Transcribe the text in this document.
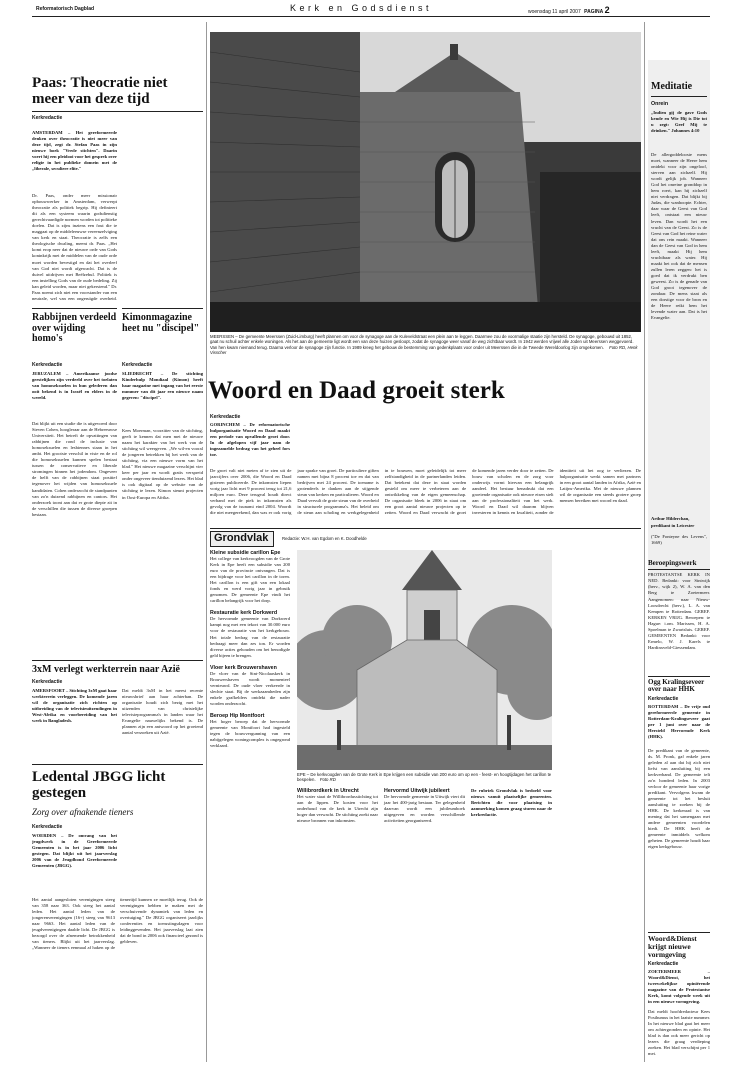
Reformatorisch Dagblad	Kerk en Godsdienst	woensdag 11 april 2007 PAGINA 2
Paas: Theocratie niet meer van deze tijd
Kerkredactie
AMSTERDAM – Het gereformeerde denken over theocratie is niet meer van deze tijd, zegt dr. Stefan Paas in zijn nieuwe boek "Vrede stichten". Daarin voert hij een pleidooi voor het gesprek over religie in het publieke domein met de „liberale, seculiere elite."
Dr. Paas, onder meer missionair opbouwwerker in Amsterdam, verwerpt theocratie als politiek begrip. Hij definieert dit als een systeem waarin godsdienstig gerechtvaardigde normen worden tot politieke doelen. Dat is zijns inziens een fout die te maggaat op de middeleeuwse vereenzelviging van kerk en staat. Theocratie is zelfs een theologische dwaling, meent dr. Paas. „Het komt erop neer dat de nieuwe orde van Gods koninkrijk met de middelen van de oude orde moet worden bevestigd en dat het overleef van God niet wordt afgewacht. Dat is de duivel uitdrijven met Beëlzebul. Politiek is een instelling Gods van de oude bedeling. Zij kan geleid worden, maar niet gekerstend." Dr. Paas noemt zich niet een voorstander van een neutrale, wel van een ongeruïgde overheid.
Rabbijnen verdeeld over wijding homo's
Kerkredactie
JERUZALEM – Amerikaanse joodse geestelijken zijn verdeeld over het toelaten van homoseksuelen in hun gelederen dan ooit bekend is in Israël en elders in de wereld.
Dat blijkt uit een studie die is uitgevoerd door Steven Cohen, hoogleraar aan de Hebreeuwse Universiteit. Het betreft de opvattingen van rabbijnen die rond de inclusie van homoseksuelen en lesbiennes staan in het ambt. Het grootste verschil in visie en de rol die homoseksuelen kunnen spelen bestaat tussen de conservatieve en liberale stromingen binnen het jodendom. Ongeveer de helft van de rabbijnen staat positief tegenover het wijden van homoseksuele kandidaten. Cohen onderzocht de standpunten van zo'n duizend rabbijnen en cantors. Het onderzoek toont aan dat er grote diepte zit in de verschillen die tussen de diverse groepen bestaan.
Kimonmagazine heet nu "discipel"
Kerkredactie
SLIEDRECHT – De stichting Kinderhulp Mondiaal (Kimon) heeft haar magazine met ingang van het eerste nummer van dit jaar een nieuwe naam gegeven: "discipel".
Kees Moerman, voorzitter van de stichting, geeft te kennen dat men met de nieuwe naam het karakter van het werk van de stichting wil weergeven. „We wil-en vooral de jongeren betrekken bij het werk van de stichting, via een nieuwe vorm van het blad." Het nieuwe magazine verschijnt vier keer per jaar en wordt gratis verspreid onder ongeveer tienduizend lezers. Het blad is ook digitaal op de website van de stichting te lezen. Kimon steunt projecten in Oost-Europa en Afrika.
3xM verlegt werkterrein naar Azië
Kerkredactie
AMERSFOORT – Stichting 3xM gaat haar werkterrein verleggen. De komende jaren wil de organisatie zich richten op uitbreiding van de televisieuitzendingen in West-Afrika en voorbereiding van het werk in Bangladesh.
Dat meldt 3xM in het meest recente nieuwsbrief aan haar achterban. De organisatie houdt zich bezig met het uitzenden van christelijke televisieprogramma's in landen waar het Evangelie nauwelijks bekend is. De plannen zijn een antwoord op het groeiend aantal verzoeken uit Azië.
Ledental JBGG licht gestegen
Zorg over afnakende tieners
Kerkredactie
WOERDEN – De omvang van het jeugdwerk in de Gereformeerde Gemeenten is in het jaar 2006 licht gestegen. Dat blijkt uit het jaarverslag 2006 van de Jeugdbond Gereformeerde Gemeenten (JBGG).
Het aantal aangesloten verenigingen steeg van 358 naar 363. Ook steeg het aantal leden. Het aantal leden van de jongerenverenigingen (16+) steeg van 9613 naar 9663. Het aantal leden van de jeugdverenigingen daalde licht. De JBGG is bezorgd over de afnemende betrokkenheid van tieners. Blijkt uit het jaarverslag. „Wanneer de tieners eenmaal af haken op de tienertijd kunnen ze moeilijk terug. Ook de verenigingen hebben te maken met de verschuivende dynamiek van leden en overtuiging." De JBGG organiseert jaarlijks conferenties en toerustingsdagen voor leidinggevenden. Het jaarverslag laat zien dat de bond in 2006 ook financieel gezond is gebleven.
MEERSSEN – De gemeente Meerssen (Zuid-Limburg) heeft plannen om voor de synagoge aan de Kuleveldstraat een plein aan te leggen. Daarmee zou de voormalige staatie zijn hersteld. De synagoge, gebouwd uit 1852, gaat nu schuil achter enkele woningen. Als het aan de gemeente ligt wordt een van deze huizen gesloopt, zodat de synagoge weer vanaf de weg zichtbaar wordt. In 1942 werden vrijwel alle Joden uit Meerssen weggevoerd. Van hen kwam niemand terug. Daarna verloor de synagoge zijn functie. In 1989 kreeg het gebouw de bestemming van gedenkplaats voor onder uit Meerssen die in de Tweede Wereldoorlog zijn omgekomen. Foto RD, Henk Visscher
Woord en Daad groeit sterk
Kerkredactie
GORINCHEM – De reformatorische hulporganisatie Woord en Daad maakt een periode van opvallende groei door. In de afgelopen vijf jaar nam de ingezamelde bedrag van het geheel fors toe.
De groei valt niet meten af te zien uit de jaarcijfers over 2006, die Woord en Daad gisteren publiceerde. De inkomsten liepen vorig jaar licht met 9 procent terug tot 21,6 miljoen euro. Deze terugval houdt direct verband met de piek in inkomsten als gevolg van de tsunami eind 2004. Woordt die niet meegerekend, dan was er ook vorig jaar sprake van groei. De particuliere giften namen met bijna 8 procent toe en dat van bedrijven met 24 procent. De toename is grotendeels te danken aan de stijgende steun van kerken en particulieren. Woord en Daad vervult de grote steun van de overheid in structurele programma's. Het beleid om de steun aan scholing en werkgelegenheid in te bouwen, moet geleidelijk tot meer zelfstandigheid in de partnerlanden leiden. Dat betekent dat deze in staat worden gesteld om meer te verbeteren aan de ontwikkeling van de eigen gemeenschap. De organisatie bleek in 2006 in staat om een groot aantal nieuwe projecten op te zetten. Woord en Daad verwacht de groei de komende jaren verder door te zetten. De bouw van scholen en de zorg voor onderwijs vormt hiervan een belangrijk aandeel. Het bestuur benadrukt dat een groeiende organisatie ook nieuwe eisen stelt aan de professionaliteit van het werk. Woord en Daad wil daarom blijven investeren in kennis en kwaliteit, zonder de identiteit uit het oog te verliezen. De hulporganisatie werkt samen met partners in een groot aantal landen in Afrika, Azië en Latijns-Amerika. Met de nieuwe plannen wil de organisatie een steeds grotere groep mensen bereiken met woord en daad.
Grondvlak	Redactie: W.H. van Egdom en K. Doodhelde
Kleine subsidie carillon Epe
Het college van kerkvoogden van de Grote Kerk in Epe heeft een subsidie van 200 euro van de provincie ontvangen. Dat is een bijdrage voor het carillon in de toren. Het carillon is een gift van een lokaal fonds en werd vorig jaar in gebruik genomen. De gemeente Epe vindt het carillon belangrijk voor het dorp.
Restauratie kerk Dorkwerd
De hervormde gemeente van Dorkwerd kampt nog met een tekort van 30.000 euro voor de restauratie van het kerkgebouw. Het totale bedrag van de restauratie bedraagt meer dan zes ton. Er worden diverse acties gehouden om het benodigde geld bijeen te brengen.
Vloer kerk Brouwershaven
De vloer van de Sint-Nicolaaskerk in Brouwershaven wordt momenteel vernieuwd. De oude vloer verkeerde in slechte staat. Bij de werkzaamheden zijn enkele grafkelders ontdekt die nader worden onderzocht.
Beroep Hip Montfoort
Het hoger beroep dat de hervormde gemeente van Montfoort had ingesteld tegen de bouwvergunning van een nabijgelegen woningcomplex is ongegrond verklaard.
EPE – De kerkvoogden van de Grote Kerk in Epe krijgen een subsidie van 200 euro om op een - feest- en hoogtijdagen het carillon te bespelen. Foto RD
Willibrordkerk in Utrecht
Het water staat de Willibrordusstichting tot aan de lippen. De kosten voor het onderhoud van de kerk in Utrecht zijn hoger dan verwacht. De stichting zoekt naar nieuwe bronnen van inkomsten.
Hervormd Uitwijk jubileert
De hervormde gemeente in Uitwijk viert dit jaar het 400-jarig bestaan. Ter gelegenheid daarvan wordt een jubileumboek uitgegeven en worden verschillende activiteiten georganiseerd.
De rubriek Grondvlak is bedoeld voor nieuws vanuit plaatselijke gemeenten. Berichten die voor plaatsing in aanmerking komen graag sturen naar de kerkredactie.
Meditatie
Onrein
„Indien gij de gave Gods kende en Wie Hij is Die tot u zegt: Geef Mij te drinken." Johannes 4:10
De allergoddelooste mens moet, wanneer de Heere hem ontdekt voor zijn ongeloof, sterven aan zichzelf. Hij wordt gelijk job. Wanneer God het onreine gronddop in hem roert, kan hij zichzelf niet verdragen. Dat blijkt bij Judas, die wanhoopte. Echter, daar waar de Geest van God leeft, ontstaat een nieuw leven. Dan wordt het een vrucht van de Geest. Zo is de Geest van God het reine water dat ons rein maakt. Wanneer dan de Geest van God in hem leeft, maakt Hij hem vruchtbaar als water. Hij maakt het ook dat de mensen zullen leren zeggen: het is goed dat ik verdrukt ben geweest. Zo is de genade van God groot tegenover de zondaar. De mens staat als een dorstige voor de bron en de Heere reikt hem het levende water aan. Dat is het Evangelie.
Arthur Hilderchan,
predikant in Leicester
("De Fonteyne des Levens", 1669)
Beroepingswerk
PROTESTANTSE KERK IN NED. Bedankt: voor Sintwijk (herv., wijk 2), W. A. van den Berg te Zoetermeer. Aangenomen: naar Nieuw-Loosdrecht (herv.), L. A. van Kempen te Rotterdam. GEREF. KERKEN VRIJG. Beroepen: te Hague: i.om. Marissen, H. A. Spoelman te Zwartsluis. GEREF. GEMEENTEN Bedankt: voor Ermelo, W. J. Karels te Hardinxveld-Giessendam.
Ogg Kralingseveer over naar HHK
Kerkredactie
ROTTERDAM – De vrije oud gereformeerde gemeente in Rotterdam-Kralingseveer gaat per 1 juni over naar de Hersteld Hervormde Kerk (HHK).
De predikant van de gemeente, ds. M. Pronk, gaf enkele jaren geleden al aan dat hij zich niet liefst van aansluiting bij een kerkverband. De gemeente telt zo'n honderd leden. In 2003 verloor de gemeente haar vorige predikant. Vervolgens kwam de gemeente tot het besluit aansluiting te zoeken bij de HHK. De kerkeraad is van mening dat het samengaan met andere gemeenten voordelen biedt. De HHK heeft de gemeente inmiddels welkom geheten. De gemeente houdt haar eigen kerkgebouw.
Woord&Dienst krijgt nieuwe vormgeving
Kerkredactie
ZOETERMEER – Woord&Dienst, het tweewekelijkse opiniërende magazine van de Protestantse Kerk, komt volgende week uit in een nieuwe vormgeving.
Dat meldt hoofdredacteur Kees Posthumus in het laatste nummer. In het nieuwe blad gaat het meer om achtergronden en opinie. Het blad is dan ook meer gericht op lezers die graag verdieping zoeken. Het blad verschijnt per 1 mei.
